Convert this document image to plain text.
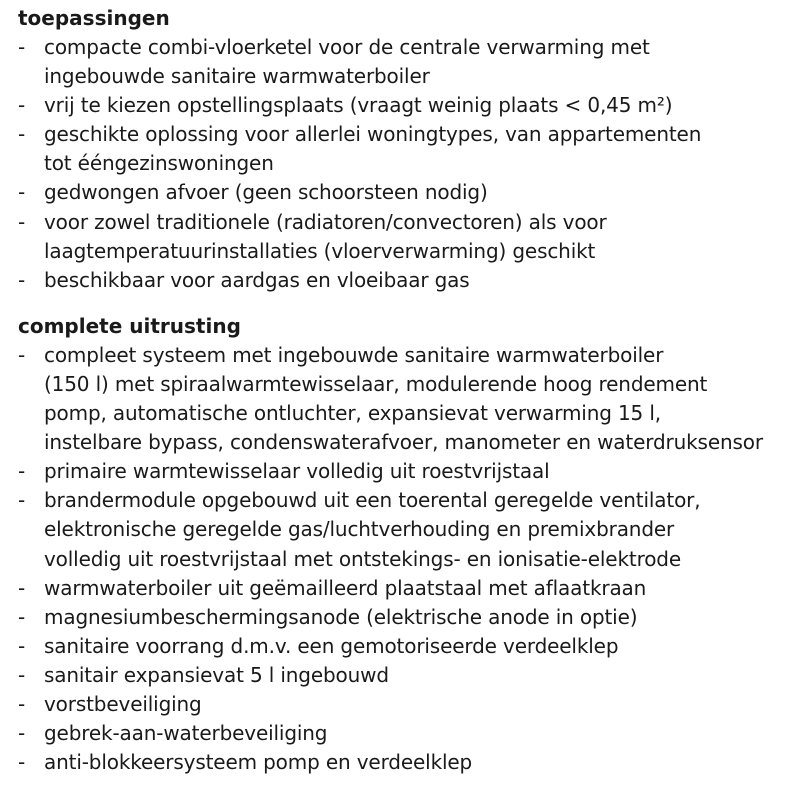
toepassingen
- compacte combi-vloerketel voor de centrale verwarming met
ingebouwde sanitaire warmwaterboiler
- vrij te kiezen opstellingsplaats (vraagt weinig plaats < 0,45 m²)
- geschikte oplossing voor allerlei woningtypes, van appartementen
tot ééngezinswoningen
- gedwongen afvoer (geen schoorsteen nodig)
- voor zowel traditionele (radiatoren/convectoren) als voor
laagtemperatuurinstallaties (vloerverwarming) geschikt
- beschikbaar voor aardgas en vloeibaar gas
complete uitrusting
- compleet systeem met ingebouwde sanitaire warmwaterboiler
(150 l) met spiraalwarmtewisselaar, modulerende hoog rendement
pomp, automatische ontluchter, expansievat verwarming 15 l,
instelbare bypass, condenswaterafvoer, manometer en waterdruksensor
- primaire warmtewisselaar volledig uit roestvrijstaal
- brandermodule opgebouwd uit een toerental geregelde ventilator,
elektronische geregelde gas/luchtverhouding en premixbrander
volledig uit roestvrijstaal met ontstekings- en ionisatie-elektrode
- warmwaterboiler uit geëmailleerd plaatstaal met aflaatkraan
- magnesiumbeschermingsanode (elektrische anode in optie)
- sanitaire voorrang d.m.v. een gemotoriseerde verdeelklep
- sanitair expansievat 5 l ingebouwd
- vorstbeveiliging
- gebrek-aan-waterbeveiliging
- anti-blokkeersysteem pomp en verdeelklep
